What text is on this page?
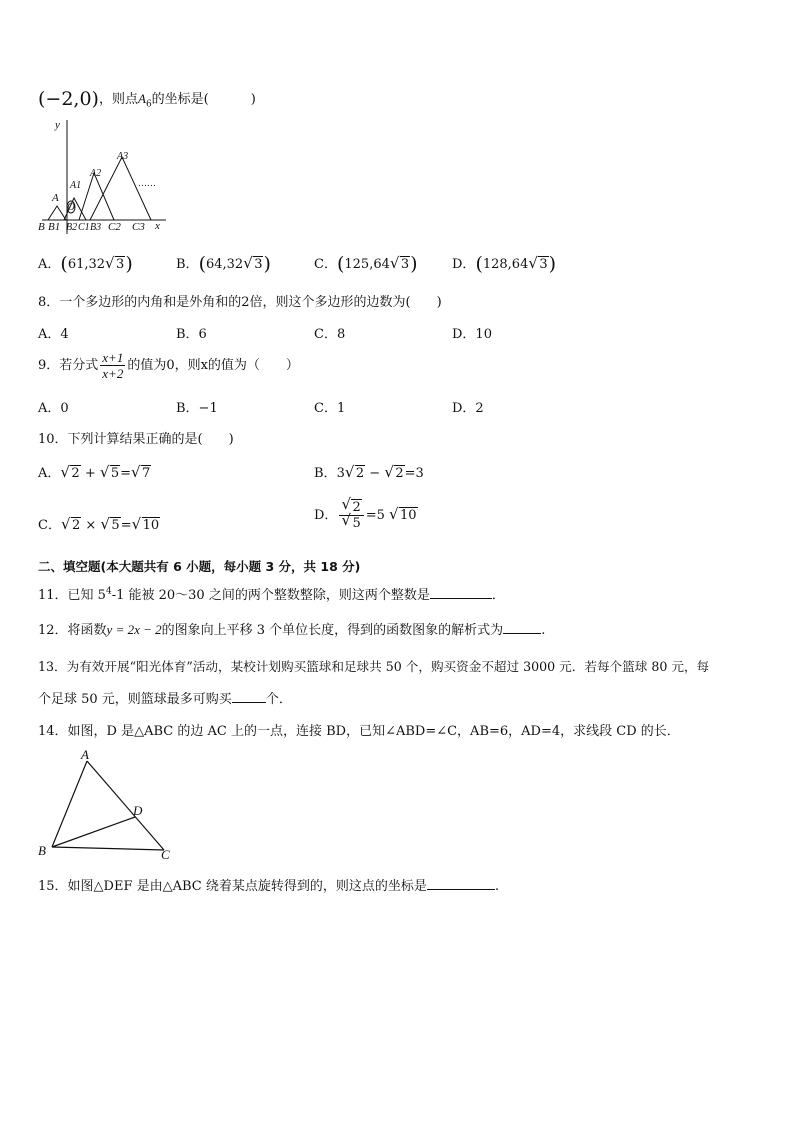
(−2,0)，则点$A_6$的坐标是(	)
y
x
B B1
A
O
A1
B2 C1 B3
A2
C2
A3
C3
……
A．(61,32 √ 3)	B．(64,32 √ 3)	C．(125,64 √ 3)	D．(128,64 √ 3)
8．一个多边形的内角和是外角和的2倍，则这个多边形的边数为(　　)
A．4	B．6	C．8	D．10
9．若分式 $\frac{x+1}{x+2}$ 的值为0，则x的值为（　　）
A．0	B．−1	C．1	D．2
10．下列计算结果正确的是(　　)
A． √ 2 + √ 5= √ 7	B．3 √ 2 − √ 2=3
C． √ 2 × √ 5= √ 10
D． √ 2
√ 5 =5 √ 10
二、填空题(本大题共有 6 小题，每小题 3 分，共 18 分)
11．已知 $5^4-1$ 能被 20～30 之间的两个整数整除，则这两个整数是	．
12．将函数y = 2x − 2的图象向上平移 3 个单位长度，得到的函数图象的解析式为	.
13．为有效开展“阳光体育”活动，某校计划购买篮球和足球共 50 个，购买资金不超过 3000 元．若每个篮球 80 元，每
个足球 50 元，则篮球最多可购买	个．
14．如图，D 是△ABC 的边 AC 上的一点，连接 BD，已知∠ABD=∠C，AB=6，AD=4，求线段 CD 的长．
A
B	C
D
15．如图△DEF 是由△ABC 绕着某点旋转得到的，则这点的坐标是	.
